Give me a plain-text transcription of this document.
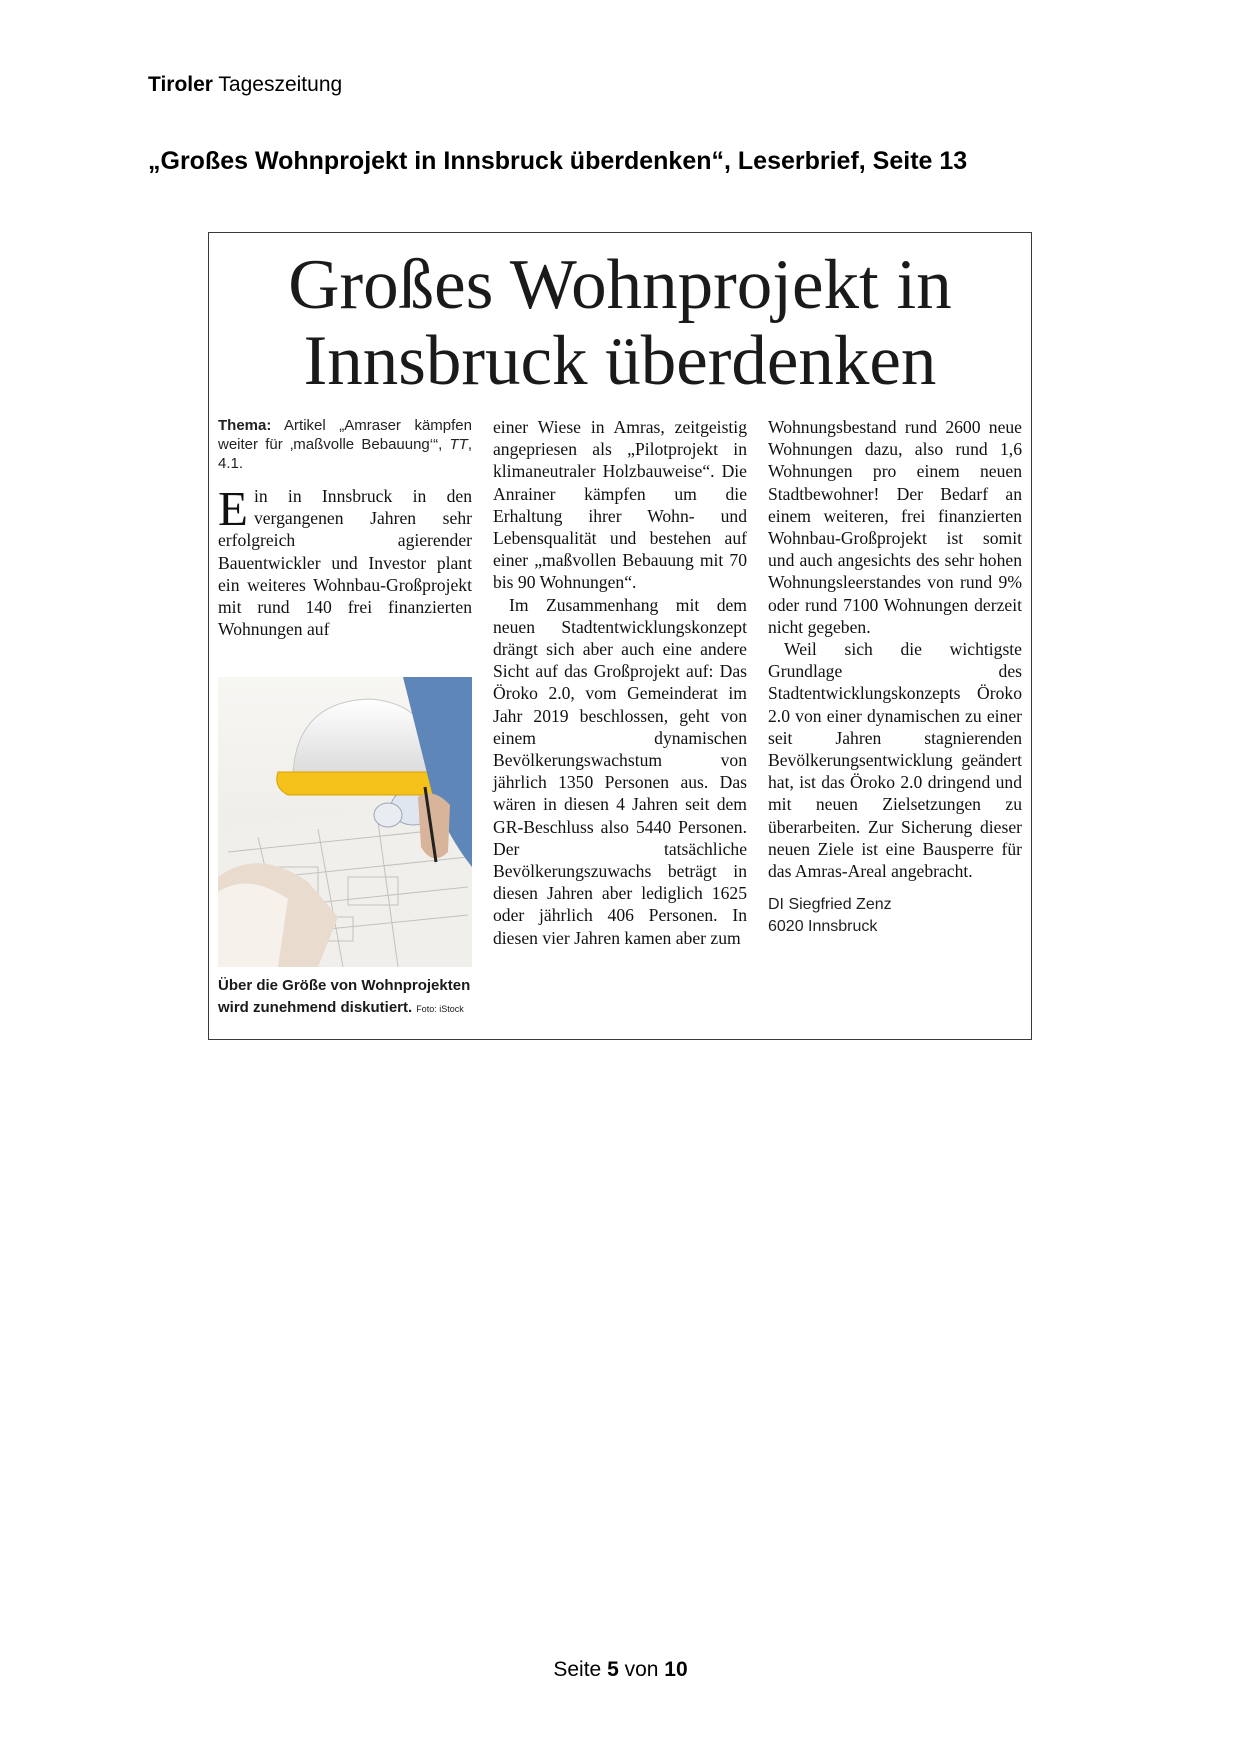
Tiroler Tageszeitung
„Großes Wohnprojekt in Innsbruck überdenken“, Leserbrief, Seite 13
Großes Wohnprojekt in
Innsbruck überdenken

Thema: Artikel „Amraser kämpfen weiter für ‚maßvolle Bebauung‘“, TT, 4.1.

Ein in Innsbruck in den vergangenen Jahren sehr erfolgreich agierender Bauentwickler und Investor plant ein weiteres Wohnbau-Großprojekt mit rund 140 frei finanzierten Wohnungen auf

Über die Größe von Wohnprojekten wird zunehmend diskutiert. Foto: iStock

einer Wiese in Amras, zeitgeistig angepriesen als „Pilotprojekt in klimaneutraler Holzbauweise“. Die Anrainer kämpfen um die Erhaltung ihrer Wohn- und Lebensqualität und bestehen auf einer „maßvollen Bebauung mit 70 bis 90 Wohnungen“.

Im Zusammenhang mit dem neuen Stadtentwicklungskonzept drängt sich aber auch eine andere Sicht auf das Großprojekt auf: Das Öroko 2.0, vom Gemeinderat im Jahr 2019 beschlossen, geht von einem dynamischen Bevölkerungswachstum von jährlich 1350 Personen aus. Das wären in diesen 4 Jahren seit dem GR-Beschluss also 5440 Personen. Der tatsächliche Bevölkerungszuwachs beträgt in diesen Jahren aber lediglich 1625 oder jährlich 406 Personen. In diesen vier Jahren kamen aber zum

Wohnungsbestand rund 2600 neue Wohnungen dazu, also rund 1,6 Wohnungen pro einem neuen Stadtbewohner! Der Bedarf an einem weiteren, frei finanzierten Wohnbau-Großprojekt ist somit und auch angesichts des sehr hohen Wohnungsleerstandes von rund 9% oder rund 7100 Wohnungen derzeit nicht gegeben.

Weil sich die wichtigste Grundlage des Stadtentwicklungskonzepts Öroko 2.0 von einer dynamischen zu einer seit Jahren stagnierenden Bevölkerungsentwicklung geändert hat, ist das Öroko 2.0 dringend und mit neuen Zielsetzungen zu überarbeiten. Zur Sicherung dieser neuen Ziele ist eine Bausperre für das Amras-Areal angebracht.

DI Siegfried Zenz
6020 Innsbruck

Seite 5 von 10
